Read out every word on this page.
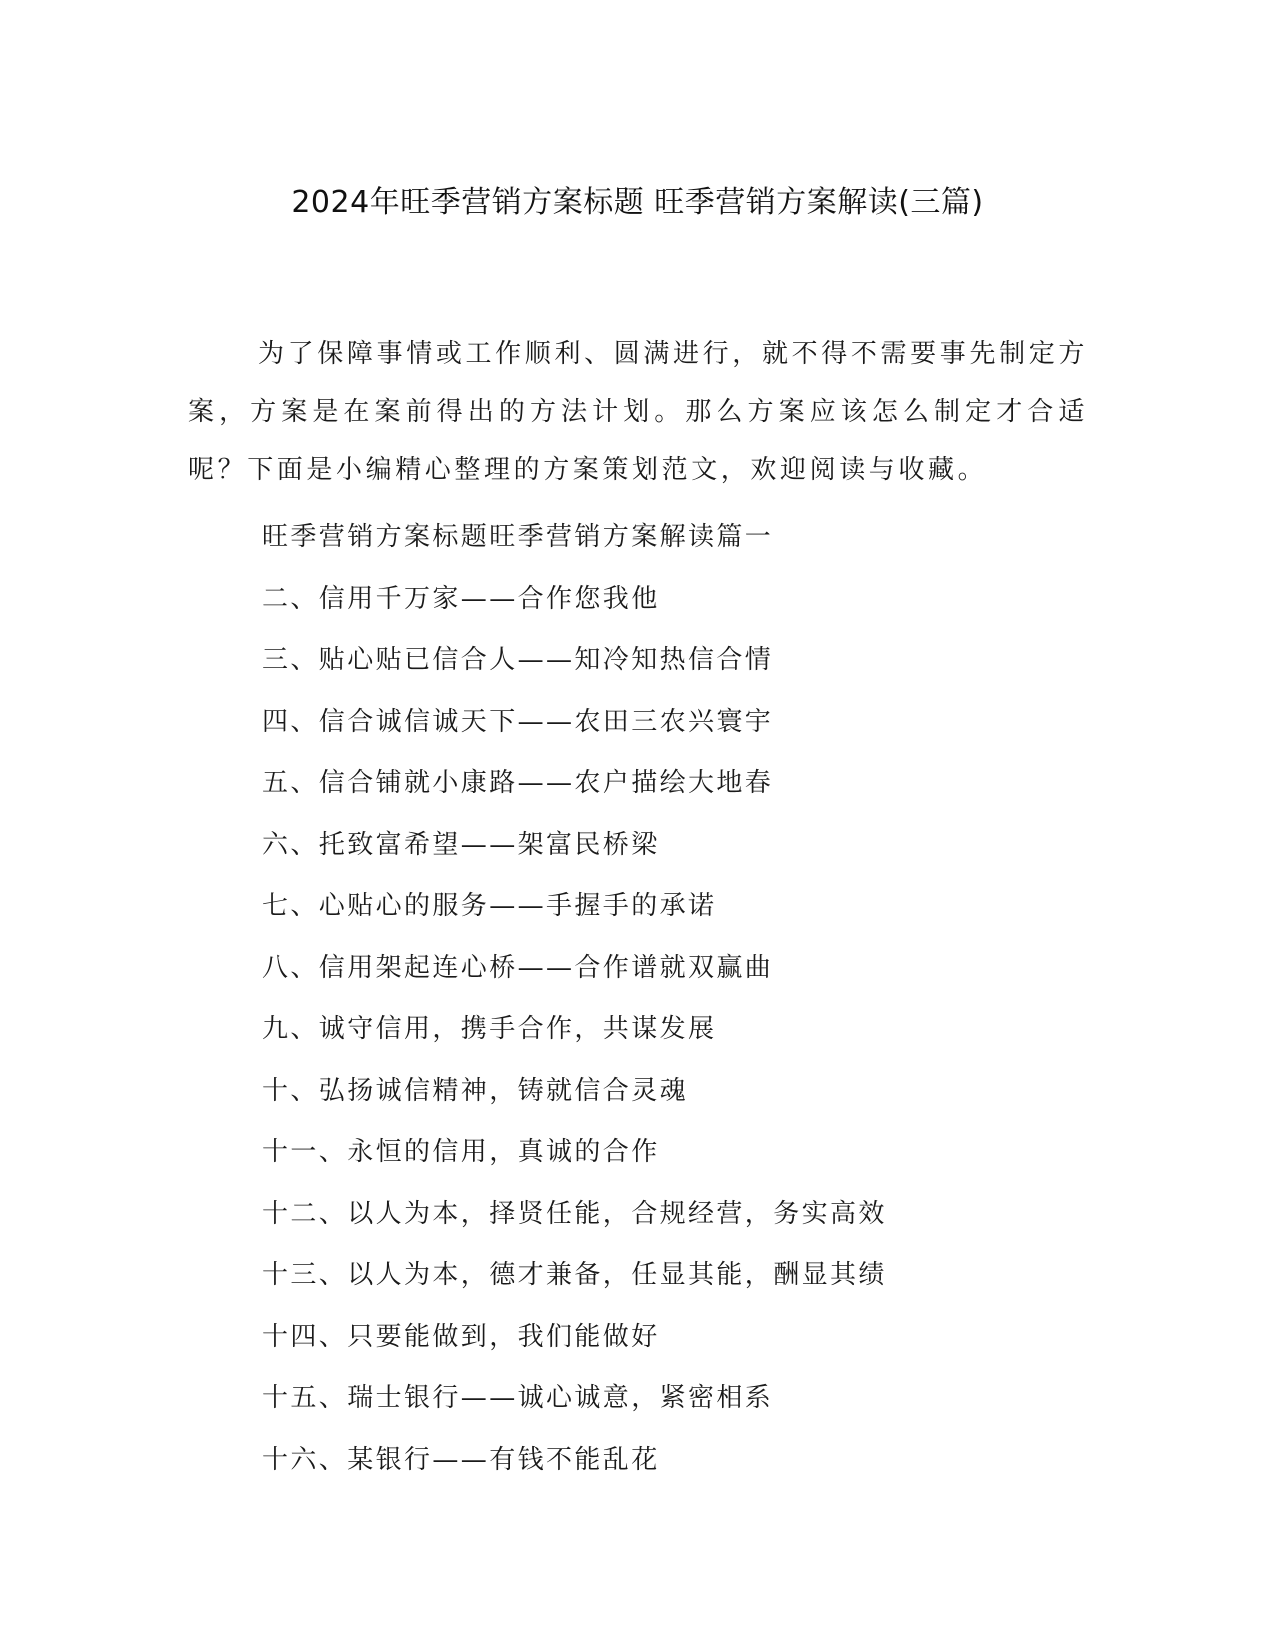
2024年旺季营销方案标题 旺季营销方案解读(三篇)

为了保障事情或工作顺利、圆满进行，就不得不需要事先制定方案，方案是在案前得出的方法计划。那么方案应该怎么制定才合适呢？下面是小编精心整理的方案策划范文，欢迎阅读与收藏。

旺季营销方案标题旺季营销方案解读篇一
二、信用千万家——合作您我他
三、贴心贴已信合人——知冷知热信合情
四、信合诚信诚天下——农田三农兴寰宇
五、信合铺就小康路——农户描绘大地春
六、托致富希望——架富民桥梁
七、心贴心的服务——手握手的承诺
八、信用架起连心桥——合作谱就双赢曲
九、诚守信用，携手合作，共谋发展
十、弘扬诚信精神，铸就信合灵魂
十一、永恒的信用，真诚的合作
十二、以人为本，择贤任能，合规经营，务实高效
十三、以人为本，德才兼备，任显其能，酬显其绩
十四、只要能做到，我们能做好
十五、瑞士银行——诚心诚意，紧密相系
十六、某银行——有钱不能乱花
